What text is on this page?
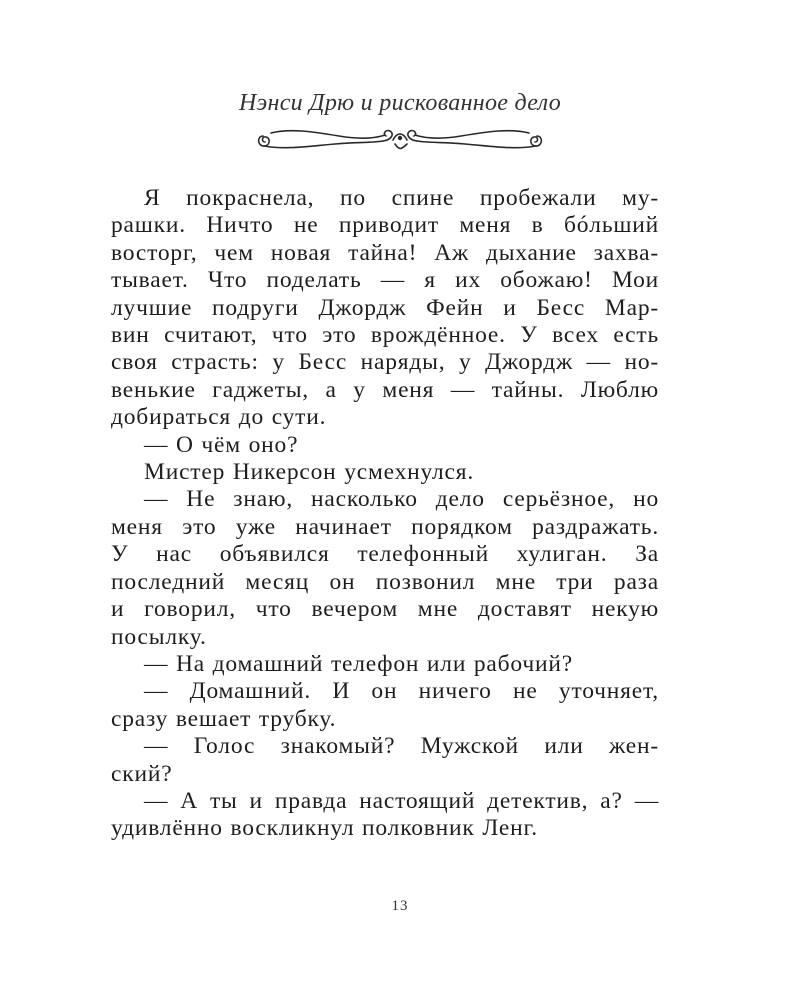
Нэнси Дрю и рискованное дело
Я покраснела, по спине пробежали му-
рашки. Ничто не приводит меня в бóльший
восторг, чем новая тайна! Аж дыхание захва-
тывает. Что поделать — я их обожаю! Мои
лучшие подруги Джордж Фейн и Бесс Мар-
вин считают, что это врождённое. У всех есть
своя страсть: у Бесс наряды, у Джордж — но-
венькие гаджеты, а у меня — тайны. Люблю
добираться до сути.
— О чём оно?
Мистер Никерсон усмехнулся.
— Не знаю, насколько дело серьёзное, но
меня это уже начинает порядком раздражать.
У нас объявился телефонный хулиган. За
последний месяц он позвонил мне три раза
и говорил, что вечером мне доставят некую
посылку.
— На домашний телефон или рабочий?
— Домашний. И он ничего не уточняет,
сразу вешает трубку.
— Голос знакомый? Мужской или жен-
ский?
— А ты и правда настоящий детектив, а? —
удивлённо воскликнул полковник Ленг.
13
